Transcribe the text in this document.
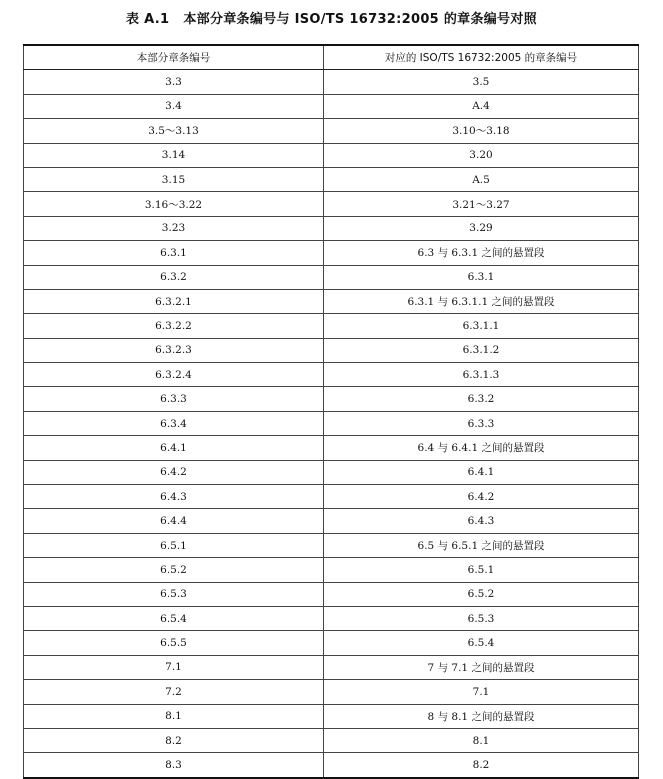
表 A.1 本部分章条编号与 ISO/TS 16732:2005 的章条编号对照
本部分章条编号	对应的 ISO/TS 16732:2005 的章条编号
3.3	3.5
3.4	A.4
3.5～3.13	3.10～3.18
3.14	3.20
3.15	A.5
3.16～3.22	3.21～3.27
3.23	3.29
6.3.1	6.3 与 6.3.1 之间的悬置段
6.3.2	6.3.1
6.3.2.1	6.3.1 与 6.3.1.1 之间的悬置段
6.3.2.2	6.3.1.1
6.3.2.3	6.3.1.2
6.3.2.4	6.3.1.3
6.3.3	6.3.2
6.3.4	6.3.3
6.4.1	6.4 与 6.4.1 之间的悬置段
6.4.2	6.4.1
6.4.3	6.4.2
6.4.4	6.4.3
6.5.1	6.5 与 6.5.1 之间的悬置段
6.5.2	6.5.1
6.5.3	6.5.2
6.5.4	6.5.3
6.5.5	6.5.4
7.1	7 与 7.1 之间的悬置段
7.2	7.1
8.1	8 与 8.1 之间的悬置段
8.2	8.1
8.3	8.2
